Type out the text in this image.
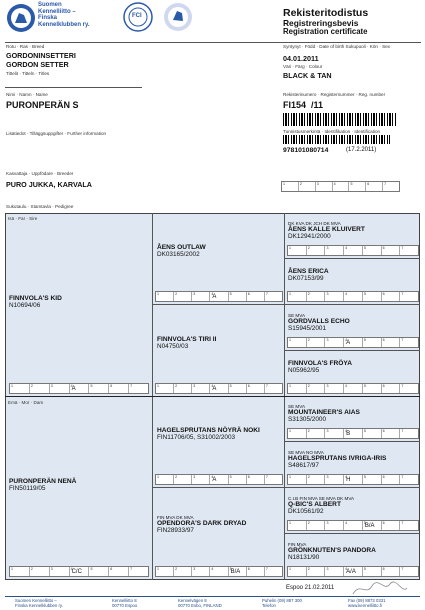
Suomen
Kennelliitto –
Finska
Kennelklubben ry.
FCI	Rekisteritodistus
Registreringsbevis
Registration certificate
Rotu · Ras · Breed
GORDONINSETTERI
GORDON SETTER
Tittelit · Titteln · Titles
Nimi · Namn · Name
PURONPERÄN S
Lisätiedot · Tilläggsuppgifter · Further information
Kasvattaja · Uppfödare · Breeder
PURO JUKKA, KARVALA
Syntynyt · Född · Date of birth Sukupuoli · Kön · Sex
04.01.2011
Väri · Färg · Colour
BLACK & TAN
Rekisterinumero · Registernummer · Reg. number
FI154  /11
Tunnistusmerkintä · Identifikation · Identification
978101080714	(17.2.2011)
1	2	3	4	5	6	7
Sukutaulu · Stamtavla · Pedigree
Isä · Far · Sire
Emä · Mor · Dam
FINNVOLA'S KID
N10694/06
1	2	3	4 A	5	6	7
ÅENS OUTLAW
DK03165/2002
1	2	3	4 A	5	6	7
FINNVOLA'S TIRI II
N04750/03
1	2	3	4 A	5	6	7
DK KVA DK JCH DK MVA
ÅENS KALLE KLUIVERT
DK12941/2000
1	2	3	4	5	6	7
ÅENS ERICA
DK07153/99
1	2	3	4	5	6	7
SE MVA
GORDVALLS ECHO
S15945/2001
1	2	3	4 A	5	6	7
FINNVOLA'S FRÖYA
N05962/95
1	2	3	4	5	6	7
PURONPERÄN NENÄ
FIN50119/05
1	2	3	4 C/C 5	6	7
HAGELSPRUTANS NÖYRÄ NOKI
FIN11706/05, S31002/2003
1	2	3	4 A	5	6	7
FIN MVA DK MVA
OPENDORA'S DARK DRYAD
FIN28933/97
1	2	3	4	5 B/A 6	7
SE MVA
MOUNTAINEER'S AIAS
S31305/2000
1	2	3	4 B	5	6	7
SE MVA NO MVA
HAGELSPRUTANS IVRIGA-IRIS
S48617/97
1	2	3	4 H	5	6	7
C.I.B FIN MVA SE MVA DK MVA
Q-BIC'S ALBERT
DK10561/92
1	2	3	4	5 B/A 6	7
FIN MVA
GRÖNKNUTEN'S PANDORA
N18131/90
1	2	3	4 A/A 5	6	7
Espoo 21.02.2011
Suomen Kennelliitto –
Finska Kennelklubben ry.
Kennelliitto 8
00770 Espoo
Kennelvägen 8
00770 Esbo, FINLAND
Puhelin (09) 887 300
Telefon
Fax (09) 8873 0331
www.kennelliitto.fi
